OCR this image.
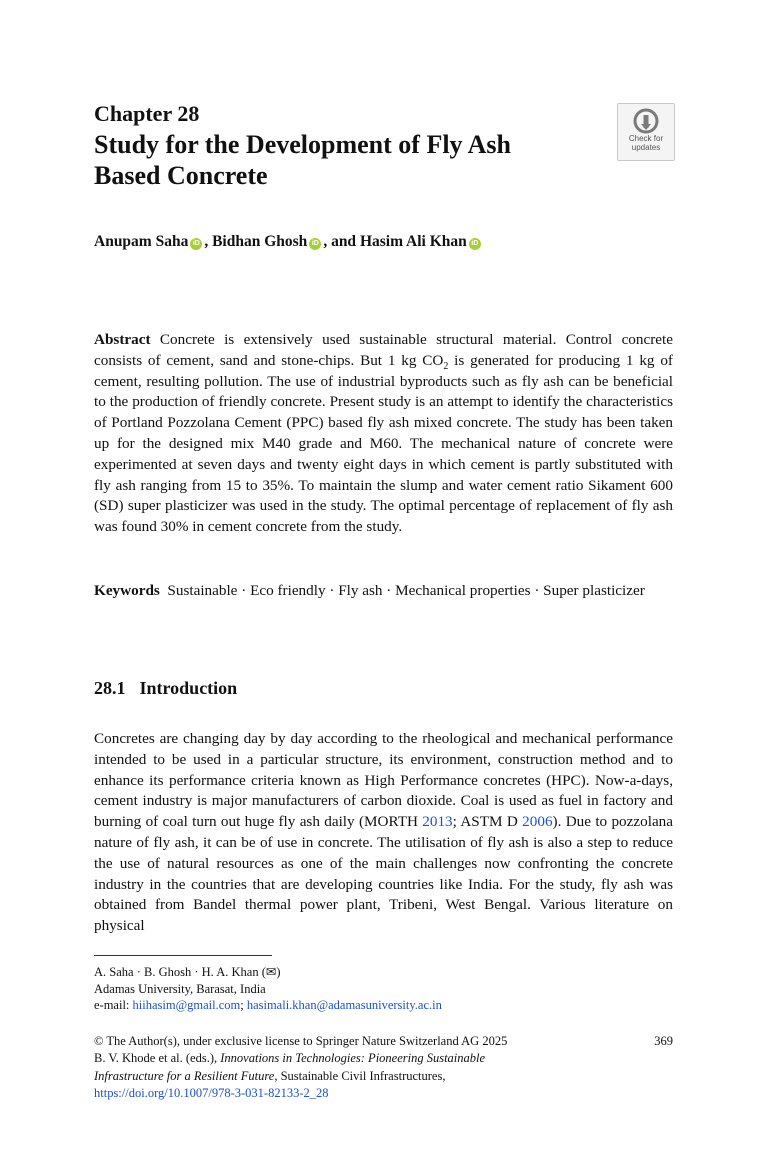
Chapter 28
Study for the Development of Fly Ash Based Concrete
Check for
updates
Anupam Saha iD , Bidhan Ghosh iD , and Hasim Ali Khan iD
Abstract Concrete is extensively used sustainable structural material. Control concrete consists of cement, sand and stone-chips. But 1 kg $CO_2$ is generated for producing 1 kg of cement, resulting pollution. The use of industrial byproducts such as fly ash can be beneficial to the production of friendly concrete. Present study is an attempt to identify the characteristics of Portland Pozzolana Cement (PPC) based fly ash mixed concrete. The study has been taken up for the designed mix M40 grade and M60. The mechanical nature of concrete were experimented at seven days and twenty eight days in which cement is partly substituted with fly ash ranging from 15 to 35%. To maintain the slump and water cement ratio Sikament 600 (SD) super plasticizer was used in the study. The optimal percentage of replacement of fly ash was found 30% in cement concrete from the study.
Keywords Sustainable · Eco friendly · Fly ash · Mechanical properties · Super plasticizer
28.1 Introduction
Concretes are changing day by day according to the rheological and mechanical performance intended to be used in a particular structure, its environment, construction method and to enhance its performance criteria known as High Performance concretes (HPC). Now-a-days, cement industry is major manufacturers of carbon dioxide. Coal is used as fuel in factory and burning of coal turn out huge fly ash daily (MORTH 2013; ASTM D 2006). Due to pozzolana nature of fly ash, it can be of use in concrete. The utilisation of fly ash is also a step to reduce the use of natural resources as one of the main challenges now confronting the concrete industry in the countries that are developing countries like India. For the study, fly ash was obtained from Bandel thermal power plant, Tribeni, West Bengal. Various literature on physical
A. Saha · B. Ghosh · H. A. Khan (✉)
Adamas University, Barasat, India
e-mail: hiihasim@gmail.com; hasimali.khan@adamasuniversity.ac.in
© The Author(s), under exclusive license to Springer Nature Switzerland AG 2025
B. V. Khode et al. (eds.), Innovations in Technologies: Pioneering Sustainable
Infrastructure for a Resilient Future, Sustainable Civil Infrastructures,
https://doi.org/10.1007/978-3-031-82133-2_28
369
